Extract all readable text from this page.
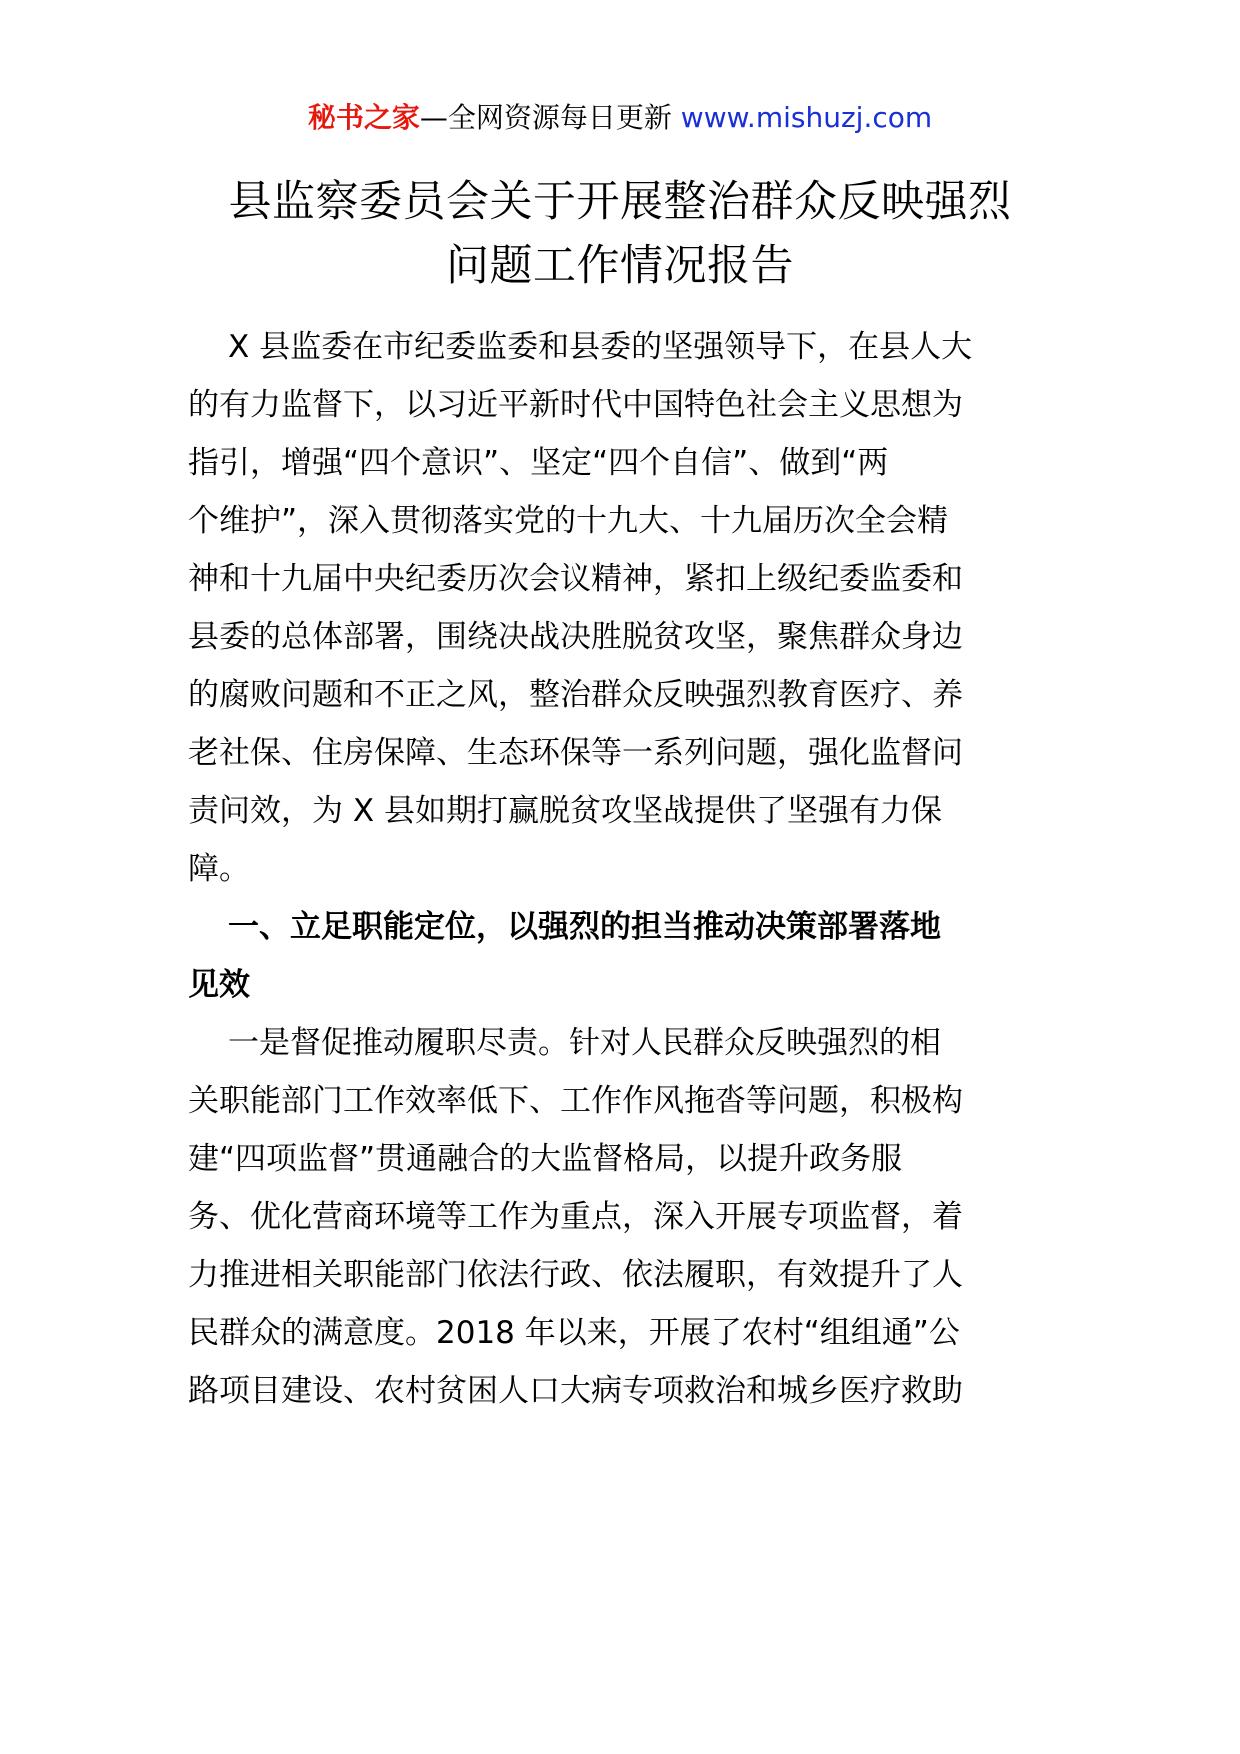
秘书之家—全网资源每日更新 www.mishuzj.com
县监察委员会关于开展整治群众反映强烈
问题工作情况报告
X 县监委在市纪委监委和县委的坚强领导下，在县人大
的有力监督下，以习近平新时代中国特色社会主义思想为
指引，增强“四个意识”、坚定“四个自信”、做到“两
个维护”，深入贯彻落实党的十九大、十九届历次全会精
神和十九届中央纪委历次会议精神，紧扣上级纪委监委和
县委的总体部署，围绕决战决胜脱贫攻坚，聚焦群众身边
的腐败问题和不正之风，整治群众反映强烈教育医疗、养
老社保、住房保障、生态环保等一系列问题，强化监督问
责问效，为 X 县如期打赢脱贫攻坚战提供了坚强有力保
障。
一、立足职能定位，以强烈的担当推动决策部署落地
见效
一是督促推动履职尽责。针对人民群众反映强烈的相
关职能部门工作效率低下、工作作风拖沓等问题，积极构
建“四项监督”贯通融合的大监督格局，以提升政务服
务、优化营商环境等工作为重点，深入开展专项监督，着
力推进相关职能部门依法行政、依法履职，有效提升了人
民群众的满意度。2018 年以来，开展了农村“组组通”公
路项目建设、农村贫困人口大病专项救治和城乡医疗救助
